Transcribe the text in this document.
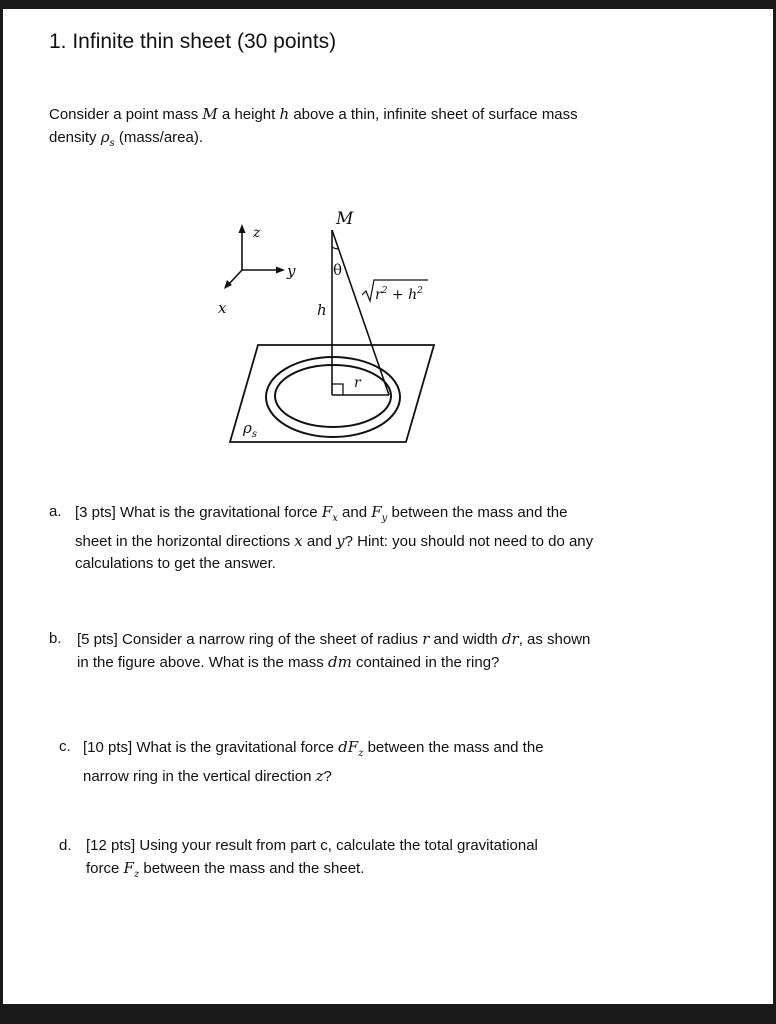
1. Infinite thin sheet (30 points)
Consider a point mass M a height h above a thin, infinite sheet of surface mass density $\rho_s$ (mass/area).
z
y
x
M
θ
$r^2 + h^2$
h
r
$\rho_s$
a. [3 pts] What is the gravitational force $F_x$ and $F_y$ between the mass and the sheet in the horizontal directions x and y? Hint: you should not need to do any calculations to get the answer.
b. [5 pts] Consider a narrow ring of the sheet of radius r and width dr, as shown in the figure above. What is the mass dm contained in the ring?
c. [10 pts] What is the gravitational force $dF_z$ between the mass and the narrow ring in the vertical direction z?
d. [12 pts] Using your result from part c, calculate the total gravitational force $F_z$ between the mass and the sheet.
